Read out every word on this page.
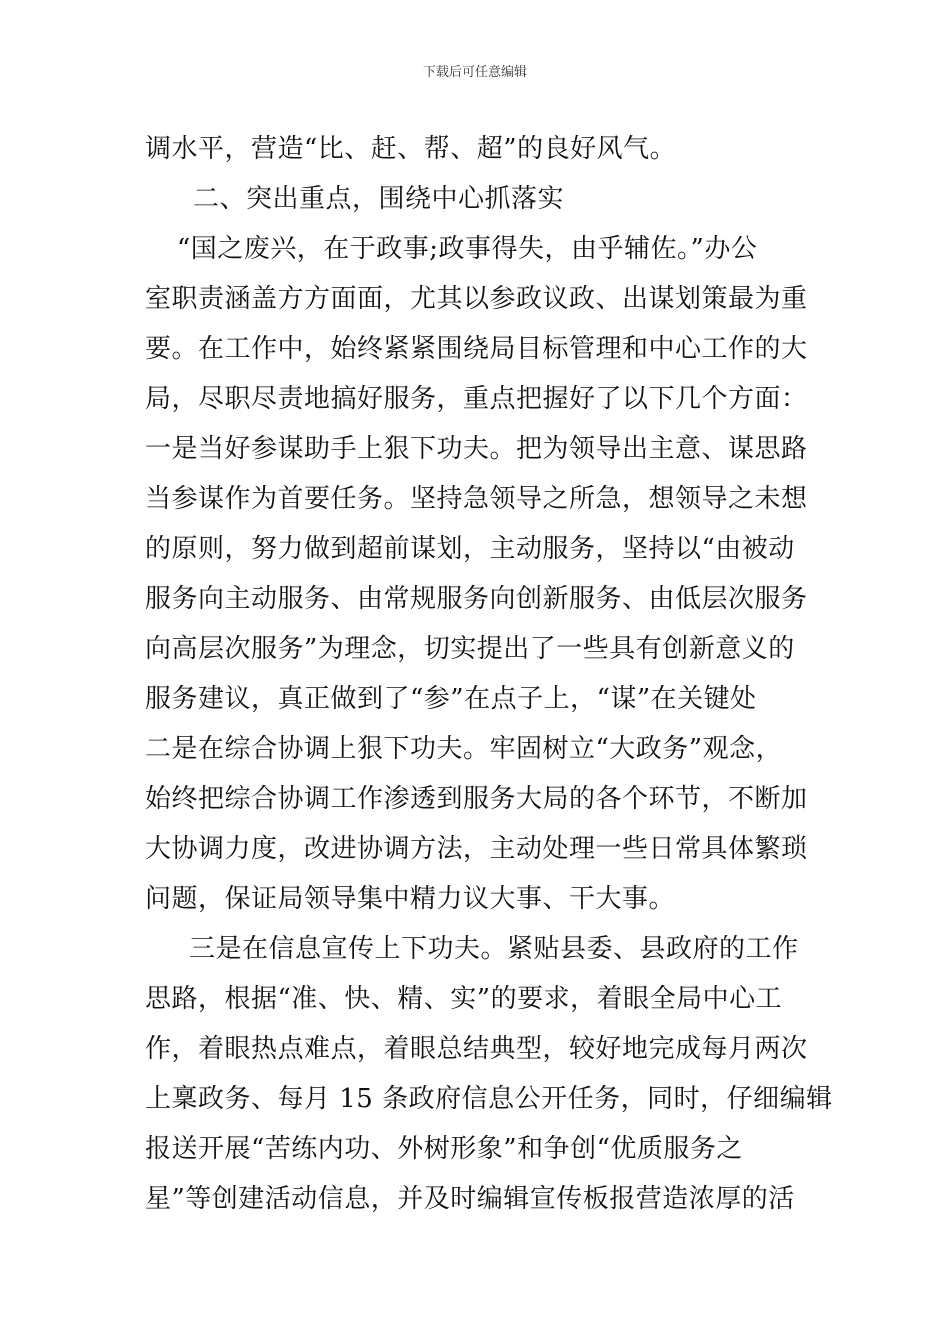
下载后可任意编辑
调水平，营造“比、赶、帮、超”的良好风气。
二、突出重点，围绕中心抓落实
“国之废兴，在于政事;政事得失，由乎辅佐。”办公
室职责涵盖方方面面，尤其以参政议政、出谋划策最为重
要。在工作中，始终紧紧围绕局目标管理和中心工作的大
局，尽职尽责地搞好服务，重点把握好了以下几个方面：
一是当好参谋助手上狠下功夫。把为领导出主意、谋思路
当参谋作为首要任务。坚持急领导之所急，想领导之未想
的原则，努力做到超前谋划，主动服务，坚持以“由被动
服务向主动服务、由常规服务向创新服务、由低层次服务
向高层次服务”为理念，切实提出了一些具有创新意义的
服务建议，真正做到了“参”在点子上，“谋”在关键处
二是在综合协调上狠下功夫。牢固树立“大政务”观念，
始终把综合协调工作渗透到服务大局的各个环节，不断加
大协调力度，改进协调方法，主动处理一些日常具体繁琐
问题，保证局领导集中精力议大事、干大事。
三是在信息宣传上下功夫。紧贴县委、县政府的工作
思路，根据“准、快、精、实”的要求，着眼全局中心工
作，着眼热点难点，着眼总结典型，较好地完成每月两次
上稟政务、每月 15 条政府信息公开任务，同时，仔细编辑
报送开展“苦练内功、外树形象”和争创“优质服务之
星”等创建活动信息，并及时编辑宣传板报营造浓厚的活
